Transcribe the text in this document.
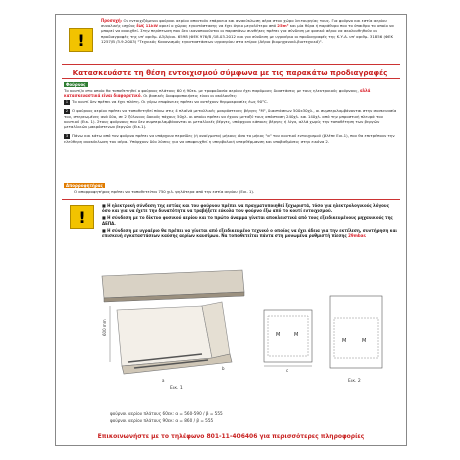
!
Προσοχή: Οι εντοιχιζόμενοι φούρνοι αερίου απαιτούν επάρκεια και ανακύκλωση αέρα στον χώρο λειτουργίας τους. Για φούρνο και εστία αερίου συνολικής ισχύος έως 11kW αρκεί ο χώρος εγκατάστασης να έχει όγκο μεγαλύτερο από 25m³ και μία θύρα ή παράθυρο που το ύπαιθρο το οποίο να μπορεί να ανοιχθεί. Στην περίπτωση που δεν ικανοποιούνται οι παραπάνω συνθήκες πρέπει για σύνδεση με φυσικό αέριο να ακολουθηθούν οι προδιαγραφές της υπ' αριθμ. Δ3/Α/οικ. 6598 (ΦΕΚ 976/Β /18.03.2012 και για σύνδεση με υγραέριο οι προδιαγραφές της Κ.Υ.Α. υπ' αριθμ. 31856 (ΦΕΚ 1257/Β /3.9.2003) "Τεχνικός Κανονισμός εγκαταστάσεων υγραερίου στα κτίρια (Αέριο βιομηχανικό-βιοτεχνικό)".
Κατασκευάστε τη θέση εντοιχισμού σύμφωνα με τις παρακάτω προδιαγραφές
Φούρνος
Το κουτί/ν στο οποίο θα τοποθετηθεί ο φούρνος πλάτους 60 ή 90εκ. με τροφοδοσία αερίου έχει παρόμοιες διαστάσεις με τους ηλεκτρικούς φούρνους, αλλά κατασκευαστικά είναι διαφορετικό. Οι βασικές διαφοροποιήσεις είναι οι ακόλουθες:
1 Το κουτί δεν πρέπει να έχει πλάτη. Οι γύρω επιφάνειες πρέπει να αντέχουν θερμοκρασίες έως 90°C.
2 Ο φούρνος αερίου πρέπει να τοποθετηθεί πάνω στις 4 πλαϊνά μεταλλικές μακρόστενες βέργες "M", διαστάσεων 500x30χλ., οι συμπεριλαμβάνονται στην συσκευασία του, στερεωμένες ανά δύο, σε 2 ξύλινους δοκούς πάχους 50χλ. οι οποίοι πρέπει να έχουν μεταξύ τους απόσταση 240χλ. και 140χλ. από την μπροστινή πλευρά του κουτιού (Εικ. 1). Στους φούρνους που δεν συμπεριλαμβάνονται οι μεταλλικές βέργες, υπάρχουν κάποιες βέργες ή λίγα, αλλά χωρίς την τοποθέτηση των βεργών μεταλλικών μακρόστενων βεργών (Εικ.1).
3 Πάνω και κάτω από τον φούρνο πρέπει να υπάρχουν περσίδες (ή ανοίγματα) μήκους όσο το μήκος "α" του κουτιού εντοιχισμού (βλέπε Εικ.1), που θα επιτρέπουν την ελεύθερη ανακύκλωση του αέρα. Υπάρχουν δύο λύσεις για να αποφευχθεί η υπερβολική υπερθέρμανση και υποβαθμίσεις στην εικόνα 2.
Απορροφητήρας
Ο απορροφητήρας πρέπει να τοποθετείται 750 χιλ. ψηλότερα από την εστία αερίου (Εικ. 1).
!
■ Η ηλεκτρική σύνδεση της εστίας και του φούρνου πρέπει να πραγματοποιηθεί ξεχωριστά, τόσο για ηλεκτρολογικούς λόγους όσο και για να έχετε την δυνατότητα να τραβήξετε εύκολα τον φούρνο έξω από το κουτί εντοιχισμού.
■ Η σύνδεση με το δίκτυο φυσικού αερίου και το πρώτο άναμμα γίνεται αποκλειστικά από τους εξειδικευμένους μηχανικούς της ΔΕΠΑ.
■ Η σύνδεση με υγραέριο θα πρέπει να γίνεται από εξειδικευμένο τεχνικό ο οποίος να έχει άδεια για την εκτέλεση, συντήρηση και επισκευή εγκαταστάσεων καύσης αερίων καυσίμων. Να τοποθετείται πάντα στη μονωμένα ρυθμιστή πίεσης 29mbar.
600 mm
a
b
Εικ. 1
M	M
c
M	M
Εικ. 2
φούρνοι αερίου πλάτους 60εκ: α = 560-590 / β = 555
φούρνοι αερίου πλάτους 90εκ: α = 860 / β = 555
Επικοινωνήστε με το τηλέφωνο 801-11-406406 για περισσότερες πληροφορίες
